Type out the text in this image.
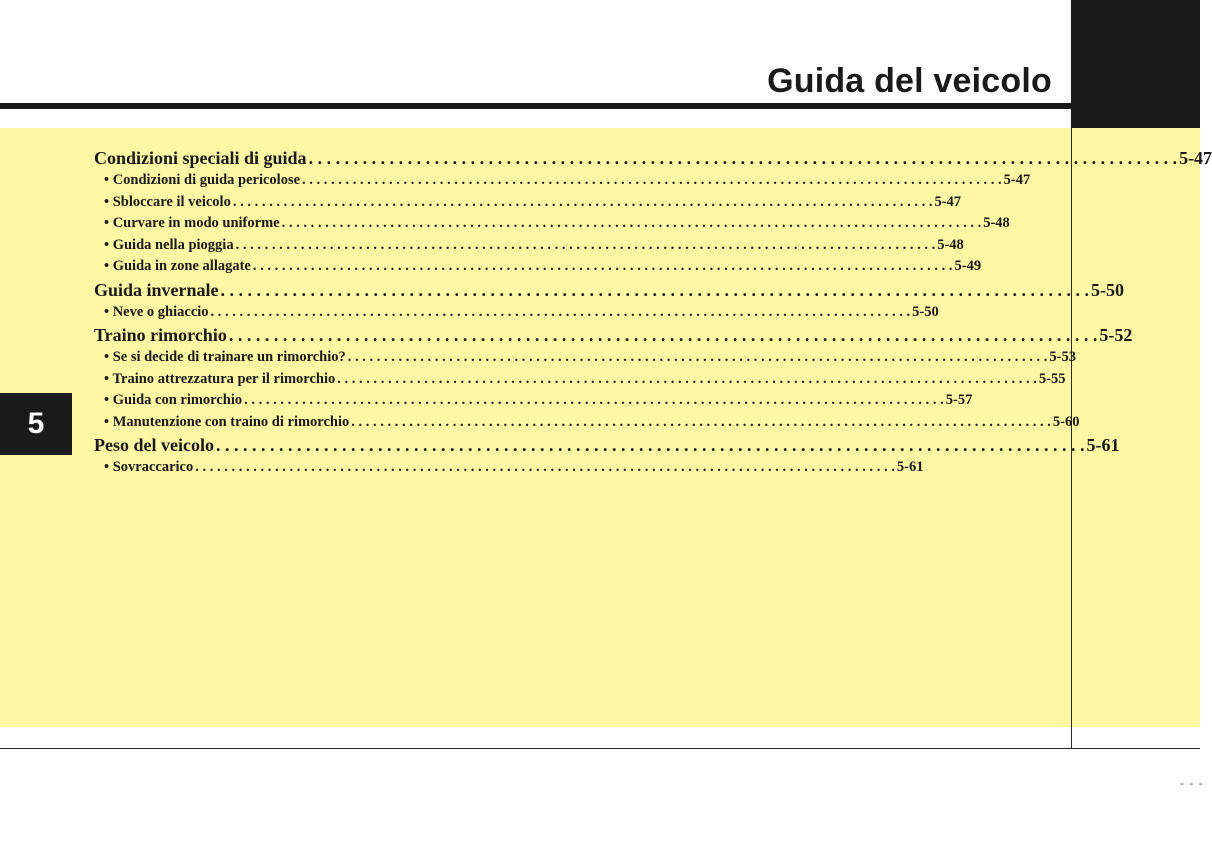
Guida del veicolo
5
Condizioni speciali di guida . . .	5-47
• Condizioni di guida pericolose . . .	5-47
• Sbloccare il veicolo . . .	5-47
• Curvare in modo uniforme . . .	5-48
• Guida nella pioggia . . .	5-48
• Guida in zone allagate . . .	5-49
Guida invernale . . .	5-50
• Neve o ghiaccio . . .	5-50
Traino rimorchio . . .	5-52
• Se si decide di trainare un rimorchio? . . .	5-53
• Traino attrezzatura per il rimorchio . . .	5-55
• Guida con rimorchio . . .	5-57
• Manutenzione con traino di rimorchio . . .	5-60
Peso del veicolo . . .	5-61
• Sovraccarico . . .	5-61
- - -
